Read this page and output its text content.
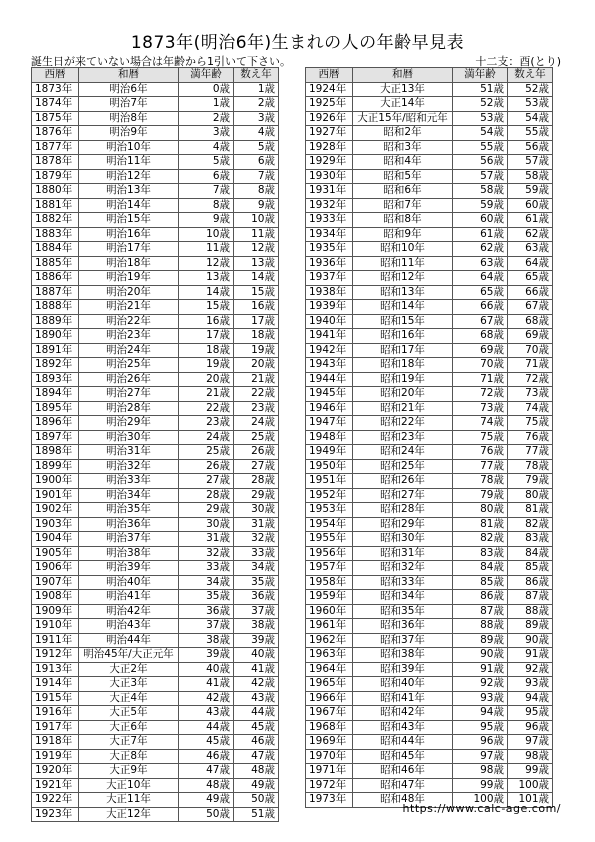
1873年(明治6年)生まれの人の年齢早見表
誕生日が来ていない場合は年齢から1引いて下さい。	十二支：酉(とり)
西暦	和暦	満年齢	数え年
1873年	明治6年	0歳	1歳
1874年	明治7年	1歳	2歳
1875年	明治8年	2歳	3歳
1876年	明治9年	3歳	4歳
1877年	明治10年	4歳	5歳
1878年	明治11年	5歳	6歳
1879年	明治12年	6歳	7歳
1880年	明治13年	7歳	8歳
1881年	明治14年	8歳	9歳
1882年	明治15年	9歳	10歳
1883年	明治16年	10歳	11歳
1884年	明治17年	11歳	12歳
1885年	明治18年	12歳	13歳
1886年	明治19年	13歳	14歳
1887年	明治20年	14歳	15歳
1888年	明治21年	15歳	16歳
1889年	明治22年	16歳	17歳
1890年	明治23年	17歳	18歳
1891年	明治24年	18歳	19歳
1892年	明治25年	19歳	20歳
1893年	明治26年	20歳	21歳
1894年	明治27年	21歳	22歳
1895年	明治28年	22歳	23歳
1896年	明治29年	23歳	24歳
1897年	明治30年	24歳	25歳
1898年	明治31年	25歳	26歳
1899年	明治32年	26歳	27歳
1900年	明治33年	27歳	28歳
1901年	明治34年	28歳	29歳
1902年	明治35年	29歳	30歳
1903年	明治36年	30歳	31歳
1904年	明治37年	31歳	32歳
1905年	明治38年	32歳	33歳
1906年	明治39年	33歳	34歳
1907年	明治40年	34歳	35歳
1908年	明治41年	35歳	36歳
1909年	明治42年	36歳	37歳
1910年	明治43年	37歳	38歳
1911年	明治44年	38歳	39歳
1912年	明治45年/大正元年	39歳	40歳
1913年	大正2年	40歳	41歳
1914年	大正3年	41歳	42歳
1915年	大正4年	42歳	43歳
1916年	大正5年	43歳	44歳
1917年	大正6年	44歳	45歳
1918年	大正7年	45歳	46歳
1919年	大正8年	46歳	47歳
1920年	大正9年	47歳	48歳
1921年	大正10年	48歳	49歳
1922年	大正11年	49歳	50歳
1923年	大正12年	50歳	51歳
西暦	和暦	満年齢	数え年
1924年	大正13年	51歳	52歳
1925年	大正14年	52歳	53歳
1926年	大正15年/昭和元年	53歳	54歳
1927年	昭和2年	54歳	55歳
1928年	昭和3年	55歳	56歳
1929年	昭和4年	56歳	57歳
1930年	昭和5年	57歳	58歳
1931年	昭和6年	58歳	59歳
1932年	昭和7年	59歳	60歳
1933年	昭和8年	60歳	61歳
1934年	昭和9年	61歳	62歳
1935年	昭和10年	62歳	63歳
1936年	昭和11年	63歳	64歳
1937年	昭和12年	64歳	65歳
1938年	昭和13年	65歳	66歳
1939年	昭和14年	66歳	67歳
1940年	昭和15年	67歳	68歳
1941年	昭和16年	68歳	69歳
1942年	昭和17年	69歳	70歳
1943年	昭和18年	70歳	71歳
1944年	昭和19年	71歳	72歳
1945年	昭和20年	72歳	73歳
1946年	昭和21年	73歳	74歳
1947年	昭和22年	74歳	75歳
1948年	昭和23年	75歳	76歳
1949年	昭和24年	76歳	77歳
1950年	昭和25年	77歳	78歳
1951年	昭和26年	78歳	79歳
1952年	昭和27年	79歳	80歳
1953年	昭和28年	80歳	81歳
1954年	昭和29年	81歳	82歳
1955年	昭和30年	82歳	83歳
1956年	昭和31年	83歳	84歳
1957年	昭和32年	84歳	85歳
1958年	昭和33年	85歳	86歳
1959年	昭和34年	86歳	87歳
1960年	昭和35年	87歳	88歳
1961年	昭和36年	88歳	89歳
1962年	昭和37年	89歳	90歳
1963年	昭和38年	90歳	91歳
1964年	昭和39年	91歳	92歳
1965年	昭和40年	92歳	93歳
1966年	昭和41年	93歳	94歳
1967年	昭和42年	94歳	95歳
1968年	昭和43年	95歳	96歳
1969年	昭和44年	96歳	97歳
1970年	昭和45年	97歳	98歳
1971年	昭和46年	98歳	99歳
1972年	昭和47年	99歳	100歳
1973年	昭和48年	100歳	101歳
https://www.calc-age.com/
